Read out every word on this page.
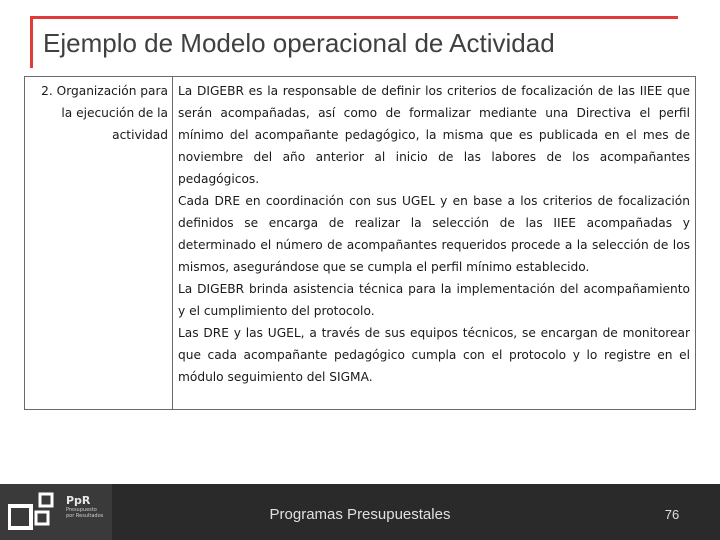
Ejemplo de Modelo operacional de Actividad
2. Organización para
la ejecución de la
actividad

La DIGEBR es la responsable de definir los criterios de focalización de las IIEE que serán acompañadas, así como de formalizar mediante una Directiva el perfil mínimo del acompañante pedagógico, la misma que es publicada en el mes de noviembre del año anterior al inicio de las labores de los acompañantes pedagógicos.

Cada DRE en coordinación con sus UGEL y en base a los criterios de focalización definidos se encarga de realizar la selección de las IIEE acompañadas y determinado el número de acompañantes requeridos procede a la selección de los mismos, asegurándose que se cumpla el perfil mínimo establecido.

La DIGEBR brinda asistencia técnica para la implementación del acompañamiento y el cumplimiento del protocolo.

Las DRE y las UGEL, a través de sus equipos técnicos, se encargan de monitorear que cada acompañante pedagógico cumpla con el protocolo y lo registre en el módulo seguimiento del SIGMA.

PpR
Presupuesto
por Resultados	Programas Presupuestales	76
